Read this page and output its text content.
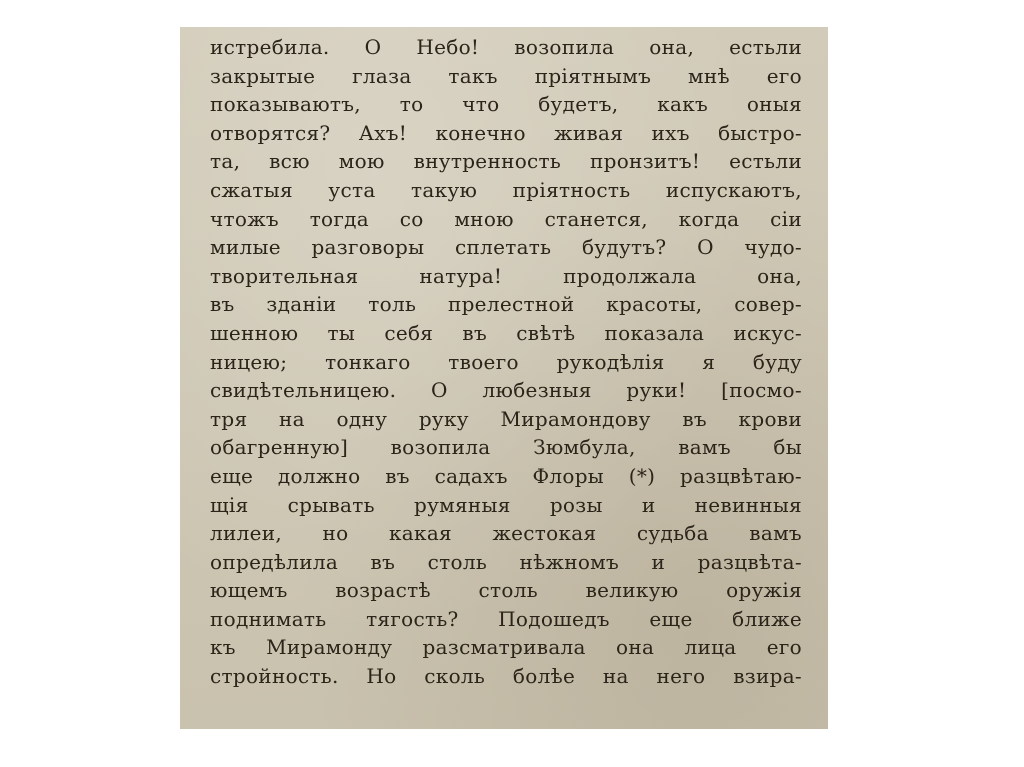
истребила. О Небо! возопила она, естьли
закрытые глаза такъ прiятнымъ мнѣ его
показываютъ, то что будетъ, какъ оныя
отворятся? Ахъ! конечно живая ихъ быстро-
та, всю мою внутренность пронзитъ! естьли
сжатыя уста такую прiятность испускаютъ,
чтожъ тогда со мною станется, когда сiи
милые разговоры сплетать будутъ? О чудо-
творительная	натура!	продолжала	она,
въ зданiи толь прелестной красоты, совер-
шенною ты себя въ свѣтѣ показала искус-
ницею; тонкаго твоего рукодѣлiя я буду
свидѣтельницею. О любезныя руки! [посмо-
тря на одну руку Мирамондову въ крови
обагренную] возопила Зюмбула, вамъ бы
еще должно въ садахъ Флоры (*) разцвѣтаю-
щiя срывать румяныя розы и невинныя
лилеи, но какая жестокая судьба вамъ
опредѣлила въ столь нѣжномъ и разцвѣта-
ющемъ возрастѣ столь великую оружiя
поднимать тягость? Подошедъ еще ближе
къ Мирамонду разсматривала она лица его
стройность. Но сколь болѣе на него взира-
